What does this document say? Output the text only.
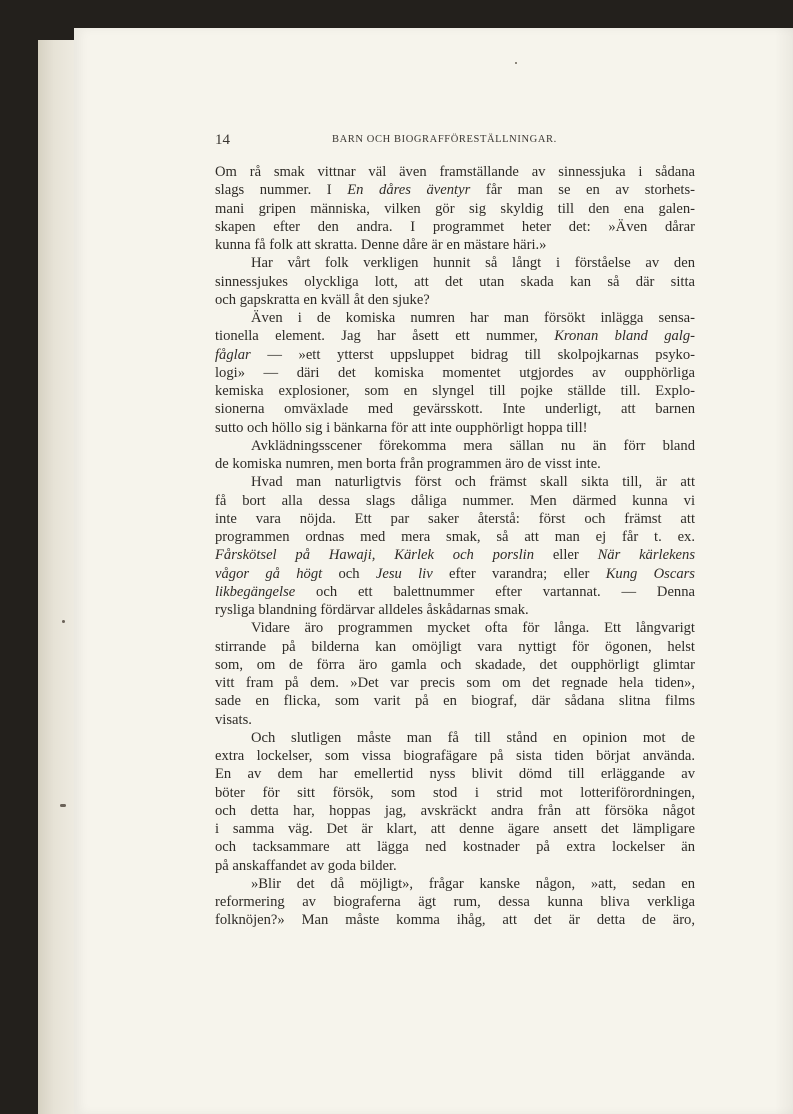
14	BARN OCH BIOGRAFFÖRESTÄLLNINGAR.
Om rå smak vittnar väl även framställande av sinnessjuka i sådana
slags nummer. I En dåres äventyr får man se en av storhets-
mani gripen människa, vilken gör sig skyldig till den ena galen-
skapen efter den andra. I programmet heter det: »Även dårar
kunna få folk att skratta. Denne dåre är en mästare häri.»
Har vårt folk verkligen hunnit så långt i förståelse av den
sinnessjukes olyckliga lott, att det utan skada kan så där sitta
och gapskratta en kväll åt den sjuke?
Även i de komiska numren har man försökt inlägga sensa-
tionella element. Jag har åsett ett nummer, Kronan bland galg-
fåglar — »ett ytterst uppsluppet bidrag till skolpojkarnas psyko-
logi» — däri det komiska momentet utgjordes av oupphörliga
kemiska explosioner, som en slyngel till pojke ställde till. Explo-
sionerna omväxlade med gevärsskott. Inte underligt, att barnen
sutto och höllo sig i bänkarna för att inte oupphörligt hoppa till!
Avklädningsscener förekomma mera sällan nu än förr bland
de komiska numren, men borta från programmen äro de visst inte.
Hvad man naturligtvis först och främst skall sikta till, är att
få bort alla dessa slags dåliga nummer. Men därmed kunna vi
inte vara nöjda. Ett par saker återstå: först och främst att
programmen ordnas med mera smak, så att man ej får t. ex.
Fårskötsel på Hawaji, Kärlek och porslin eller När kärlekens
vågor gå högt och Jesu liv efter varandra; eller Kung Oscars
likbegängelse och ett balettnummer efter vartannat. — Denna
rysliga blandning fördärvar alldeles åskådarnas smak.
Vidare äro programmen mycket ofta för långa. Ett långvarigt
stirrande på bilderna kan omöjligt vara nyttigt för ögonen, helst
som, om de förra äro gamla och skadade, det oupphörligt glimtar
vitt fram på dem. »Det var precis som om det regnade hela tiden»,
sade en flicka, som varit på en biograf, där sådana slitna films
visats.
Och slutligen måste man få till stånd en opinion mot de
extra lockelser, som vissa biografägare på sista tiden börjat använda.
En av dem har emellertid nyss blivit dömd till erläggande av
böter för sitt försök, som stod i strid mot lotteriförordningen,
och detta har, hoppas jag, avskräckt andra från att försöka något
i samma väg. Det är klart, att denne ägare ansett det lämpligare
och tacksammare att lägga ned kostnader på extra lockelser än
på anskaffandet av goda bilder.
»Blir det då möjligt», frågar kanske någon, »att, sedan en
reformering av biograferna ägt rum, dessa kunna bliva verkliga
folknöjen?» Man måste komma ihåg, att det är detta de äro,
